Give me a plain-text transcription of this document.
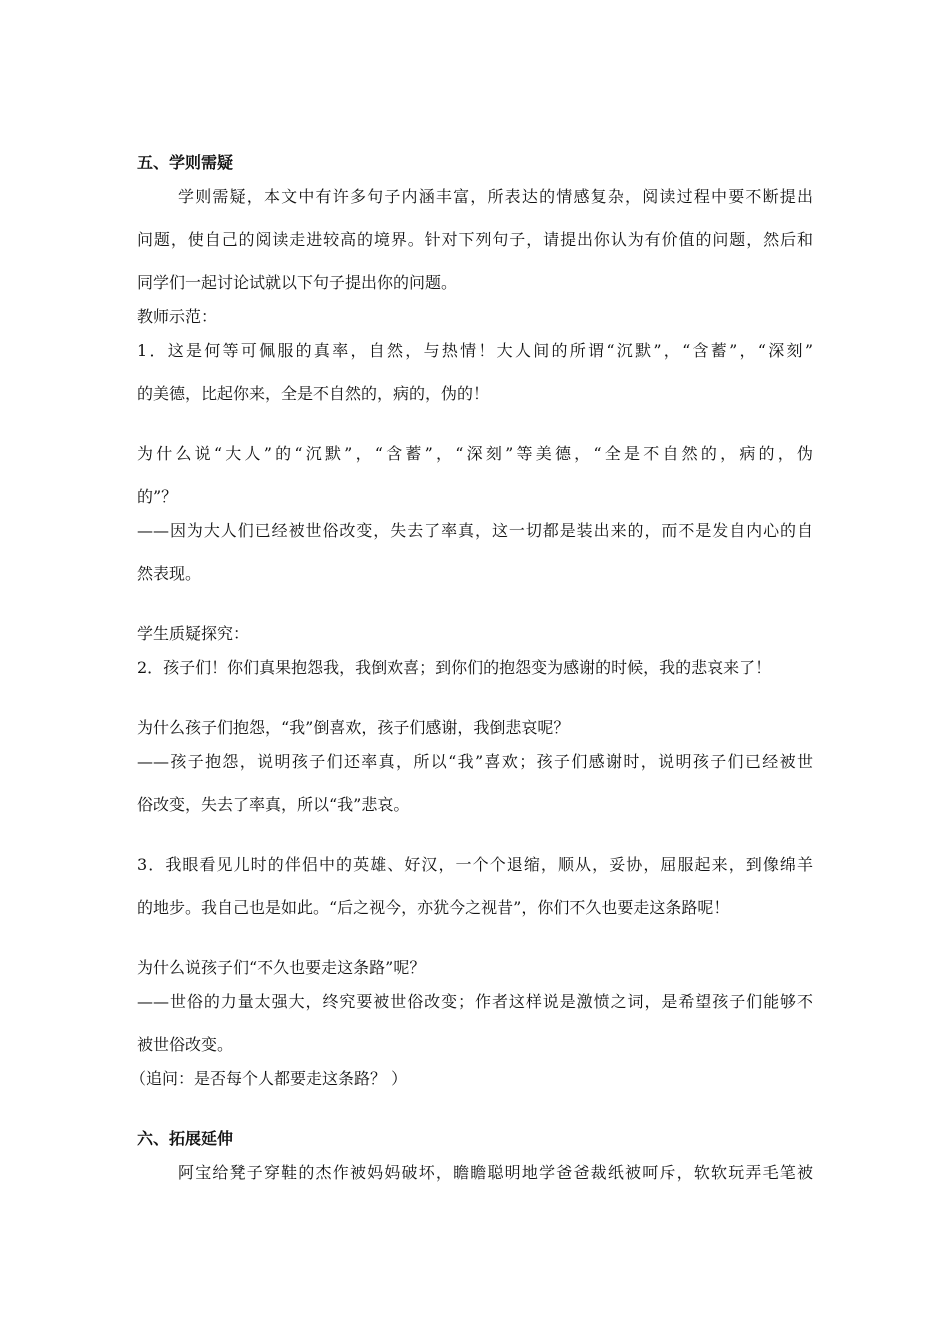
五、学则需疑
学则需疑，本文中有许多句子内涵丰富，所表达的情感复杂，阅读过程中要不断提出
问题，使自己的阅读走进较高的境界。针对下列句子，请提出你认为有价值的问题，然后和
同学们一起讨论试就以下句子提出你的问题。
教师示范：
1．这是何等可佩服的真率，自然，与热情！大人间的所谓“沉默”，“含蓄”，“深刻”
的美德，比起你来，全是不自然的，病的，伪的！
为什么说“大人”的“沉默”，“含蓄”，“深刻”等美德，“全是不自然的，病的，伪
的”？
——因为大人们已经被世俗改变，失去了率真，这一切都是装出来的，而不是发自内心的自
然表现。
学生质疑探究：
2．孩子们！你们真果抱怨我，我倒欢喜；到你们的抱怨变为感谢的时候，我的悲哀来了！
为什么孩子们抱怨，“我”倒喜欢，孩子们感谢，我倒悲哀呢？
——孩子抱怨，说明孩子们还率真，所以“我”喜欢；孩子们感谢时，说明孩子们已经被世
俗改变，失去了率真，所以“我”悲哀。
3．我眼看见儿时的伴侣中的英雄、好汉，一个个退缩，顺从，妥协，屈服起来，到像绵羊
的地步。我自己也是如此。“后之视今，亦犹今之视昔”，你们不久也要走这条路呢！
为什么说孩子们“不久也要走这条路”呢？
——世俗的力量太强大，终究要被世俗改变；作者这样说是激愤之词，是希望孩子们能够不
被世俗改变。
（追问：是否每个人都要走这条路？ ）
六、拓展延伸
阿宝给凳子穿鞋的杰作被妈妈破坏，瞻瞻聪明地学爸爸裁纸被呵斥，软软玩弄毛笔被
